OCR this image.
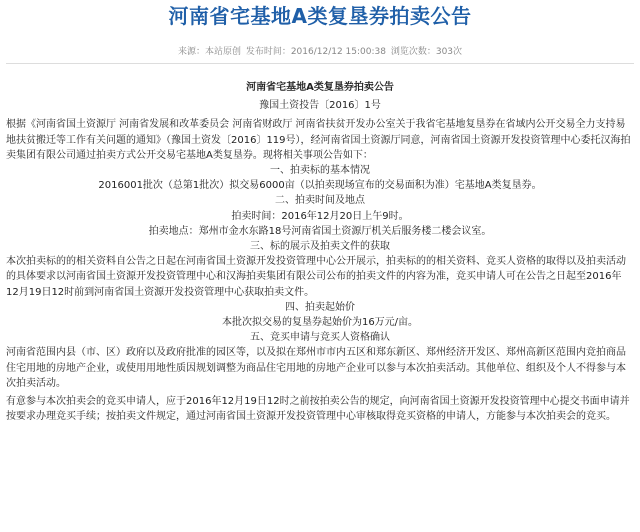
河南省宅基地A类复垦券拍卖公告
来源：本站原创 发布时间：2016/12/12 15:00:38 浏览次数：303次

河南省宅基地A类复垦券拍卖公告

豫国土资投告〔2016〕1号

根据《河南省国土资源厅 河南省发展和改革委员会 河南省财政厅 河南省扶贫开发办公室关于我省宅基地复垦券在省域内公开交易全力支持易地扶贫搬迁等工作有关问题的通知》（豫国土资发〔2016〕119号），经河南省国土资源厅同意，河南省国土资源开发投资管理中心委托汉海拍卖集团有限公司通过拍卖方式公开交易宅基地A类复垦券。现将相关事项公告如下：

一、拍卖标的基本情况

2016001批次（总第1批次）拟交易6000亩（以拍卖现场宣布的交易面积为准）宅基地A类复垦券。

二、拍卖时间及地点

拍卖时间：2016年12月20日上午9时。

拍卖地点：郑州市金水东路18号河南省国土资源厅机关后服务楼二楼会议室。

三、标的展示及拍卖文件的获取

本次拍卖标的的相关资料自公告之日起在河南省国土资源开发投资管理中心公开展示，拍卖标的的相关资料、竞买人资格的取得以及拍卖活动的具体要求以河南省国土资源开发投资管理中心和汉海拍卖集团有限公司公布的拍卖文件的内容为准，竞买申请人可在公告之日起至2016年12月19日12时前到河南省国土资源开发投资管理中心获取拍卖文件。

四、拍卖起始价

本批次拟交易的复垦券起始价为16万元/亩。

五、竞买申请与竞买人资格确认

河南省范围内县（市、区）政府以及政府批准的园区等，以及拟在郑州市市内五区和郑东新区、郑州经济开发区、郑州高新区范围内竞拍商品住宅用地的房地产企业，或使用用地性质因规划调整为商品住宅用地的房地产企业可以参与本次拍卖活动。其他单位、组织及个人不得参与本次拍卖活动。

有意参与本次拍卖会的竞买申请人，应于2016年12月19日12时之前按拍卖公告的规定，向河南省国土资源开发投资管理中心提交书面申请并按要求办理竞买手续；按拍卖文件规定，通过河南省国土资源开发投资管理中心审核取得竞买资格的申请人，方能参与本次拍卖会的竞买。
